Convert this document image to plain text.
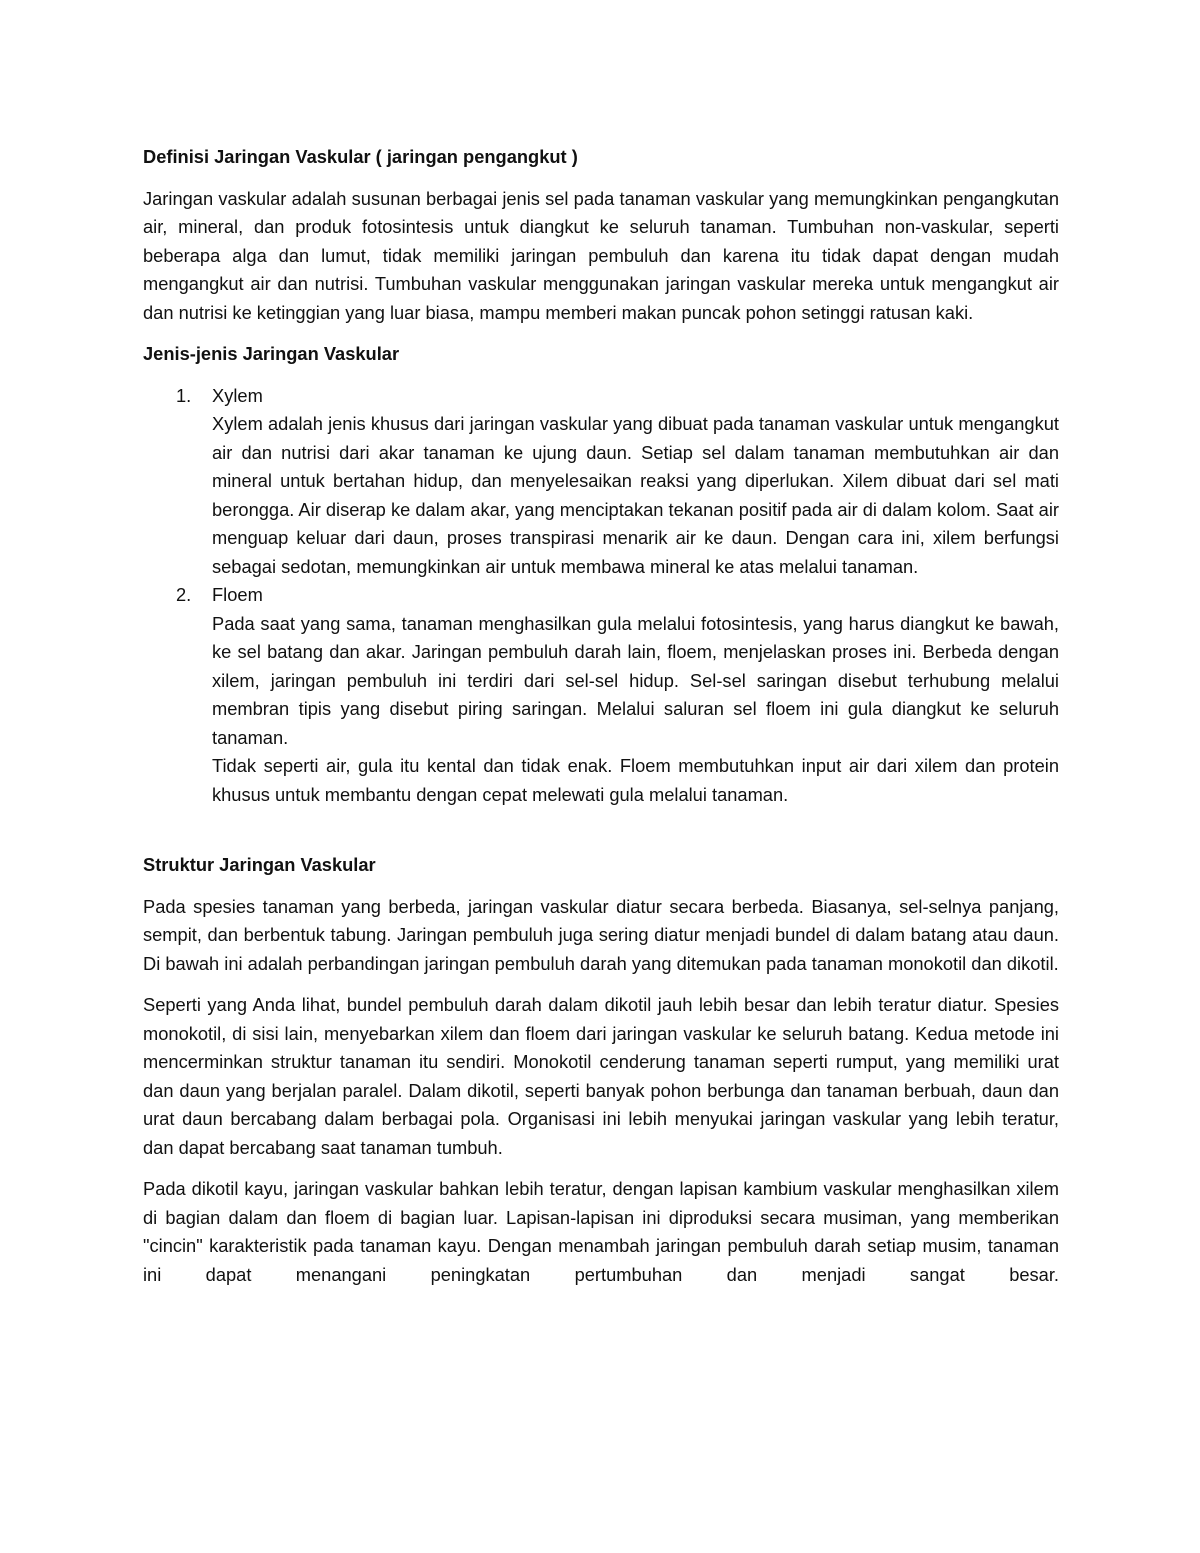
Definisi Jaringan Vaskular ( jaringan pengangkut )

Jaringan vaskular adalah susunan berbagai jenis sel pada tanaman vaskular yang memungkinkan pengangkutan air, mineral, dan produk fotosintesis untuk diangkut ke seluruh tanaman. Tumbuhan non-vaskular, seperti beberapa alga dan lumut, tidak memiliki jaringan pembuluh dan karena itu tidak dapat dengan mudah mengangkut air dan nutrisi. Tumbuhan vaskular menggunakan jaringan vaskular mereka untuk mengangkut air dan nutrisi ke ketinggian yang luar biasa, mampu memberi makan puncak pohon setinggi ratusan kaki.

Jenis-jenis Jaringan Vaskular
1. Xylem
Xylem adalah jenis khusus dari jaringan vaskular yang dibuat pada tanaman vaskular untuk mengangkut air dan nutrisi dari akar tanaman ke ujung daun. Setiap sel dalam tanaman membutuhkan air dan mineral untuk bertahan hidup, dan menyelesaikan reaksi yang diperlukan. Xilem dibuat dari sel mati berongga. Air diserap ke dalam akar, yang menciptakan tekanan positif pada air di dalam kolom. Saat air menguap keluar dari daun, proses transpirasi menarik air ke daun. Dengan cara ini, xilem berfungsi sebagai sedotan, memungkinkan air untuk membawa mineral ke atas melalui tanaman.
2. Floem
Pada saat yang sama, tanaman menghasilkan gula melalui fotosintesis, yang harus diangkut ke bawah, ke sel batang dan akar. Jaringan pembuluh darah lain, floem, menjelaskan proses ini. Berbeda dengan xilem, jaringan pembuluh ini terdiri dari sel-sel hidup. Sel-sel saringan disebut terhubung melalui membran tipis yang disebut piring saringan. Melalui saluran sel floem ini gula diangkut ke seluruh tanaman.
Tidak seperti air, gula itu kental dan tidak enak. Floem membutuhkan input air dari xilem dan protein khusus untuk membantu dengan cepat melewati gula melalui tanaman.
Struktur Jaringan Vaskular

Pada spesies tanaman yang berbeda, jaringan vaskular diatur secara berbeda. Biasanya, sel-selnya panjang, sempit, dan berbentuk tabung. Jaringan pembuluh juga sering diatur menjadi bundel di dalam batang atau daun. Di bawah ini adalah perbandingan jaringan pembuluh darah yang ditemukan pada tanaman monokotil dan dikotil.

Seperti yang Anda lihat, bundel pembuluh darah dalam dikotil jauh lebih besar dan lebih teratur diatur. Spesies monokotil, di sisi lain, menyebarkan xilem dan floem dari jaringan vaskular ke seluruh batang. Kedua metode ini mencerminkan struktur tanaman itu sendiri. Monokotil cenderung tanaman seperti rumput, yang memiliki urat dan daun yang berjalan paralel. Dalam dikotil, seperti banyak pohon berbunga dan tanaman berbuah, daun dan urat daun bercabang dalam berbagai pola. Organisasi ini lebih menyukai jaringan vaskular yang lebih teratur, dan dapat bercabang saat tanaman tumbuh.

Pada dikotil kayu, jaringan vaskular bahkan lebih teratur, dengan lapisan kambium vaskular menghasilkan xilem di bagian dalam dan floem di bagian luar. Lapisan-lapisan ini diproduksi secara musiman, yang memberikan "cincin" karakteristik pada tanaman kayu. Dengan menambah jaringan pembuluh darah setiap musim, tanaman ini dapat menangani peningkatan pertumbuhan dan menjadi sangat besar.
